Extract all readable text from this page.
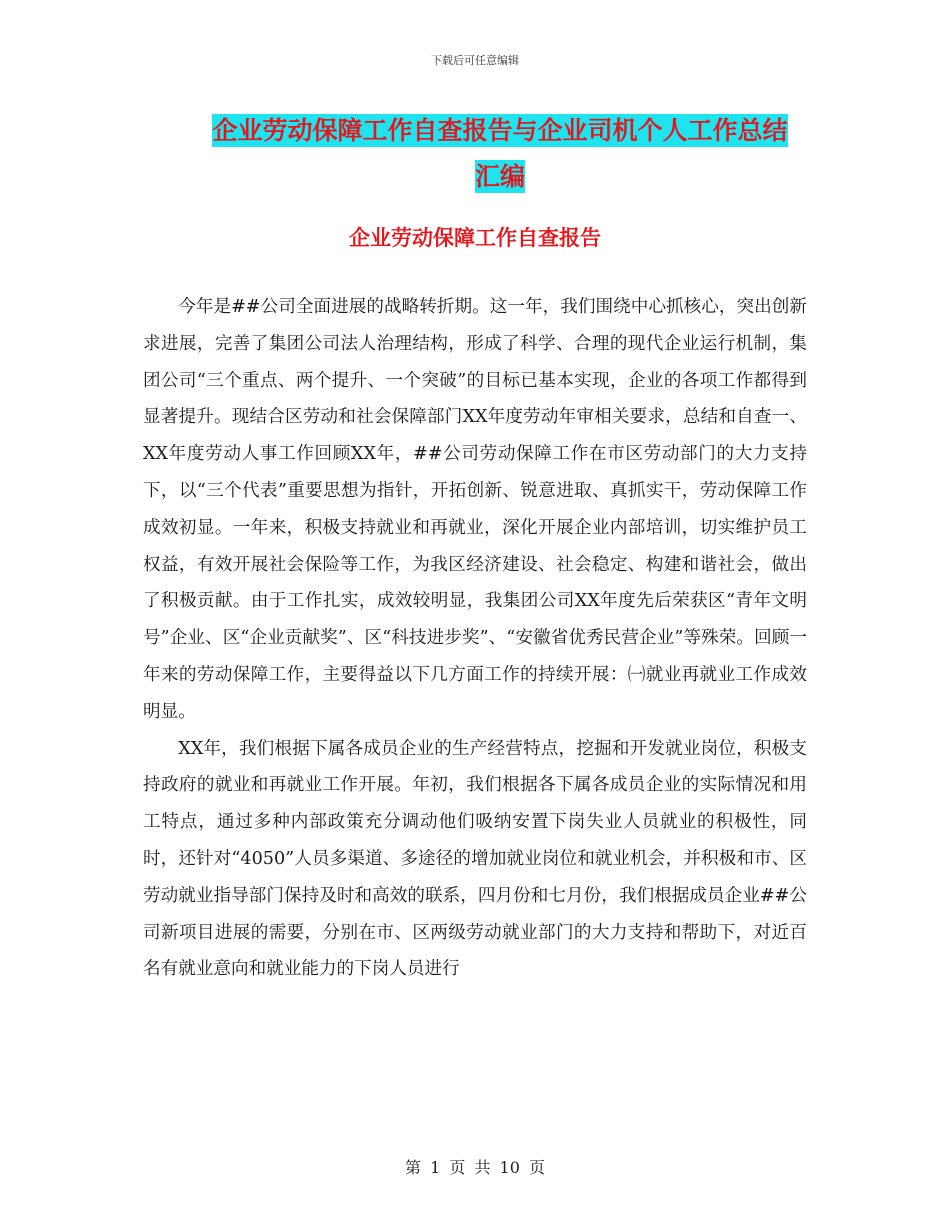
下载后可任意编辑
企业劳动保障工作自查报告与企业司机个人工作总结
汇编
企业劳动保障工作自查报告

今年是##公司全面进展的战略转折期。这一年，我们围绕中心抓核心，突出创新求进展，完善了集团公司法人治理结构，形成了科学、合理的现代企业运行机制，集团公司“三个重点、两个提升、一个突破”的目标已基本实现，企业的各项工作都得到显著提升。现结合区劳动和社会保障部门XX年度劳动年审相关要求，总结和自查一、XX年度劳动人事工作回顾XX年，##公司劳动保障工作在市区劳动部门的大力支持下，以“三个代表”重要思想为指针，开拓创新、锐意进取、真抓实干，劳动保障工作成效初显。一年来，积极支持就业和再就业，深化开展企业内部培训，切实维护员工权益，有效开展社会保险等工作，为我区经济建设、社会稳定、构建和谐社会，做出了积极贡献。由于工作扎实，成效较明显，我集团公司XX年度先后荣获区“青年文明号”企业、区“企业贡献奖”、区“科技进步奖”、“安徽省优秀民营企业”等殊荣。回顾一年来的劳动保障工作，主要得益以下几方面工作的持续开展：㈠就业再就业工作成效明显。

XX年，我们根据下属各成员企业的生产经营特点，挖掘和开发就业岗位，积极支持政府的就业和再就业工作开展。年初，我们根据各下属各成员企业的实际情况和用工特点，通过多种内部政策充分调动他们吸纳安置下岗失业人员就业的积极性，同时，还针对“4050”人员多渠道、多途径的增加就业岗位和就业机会，并积极和市、区劳动就业指导部门保持及时和高效的联系，四月份和七月份，我们根据成员企业##公司新项目进展的需要，分别在市、区两级劳动就业部门的大力支持和帮助下，对近百名有就业意向和就业能力的下岗人员进行

第 1 页 共 10 页
